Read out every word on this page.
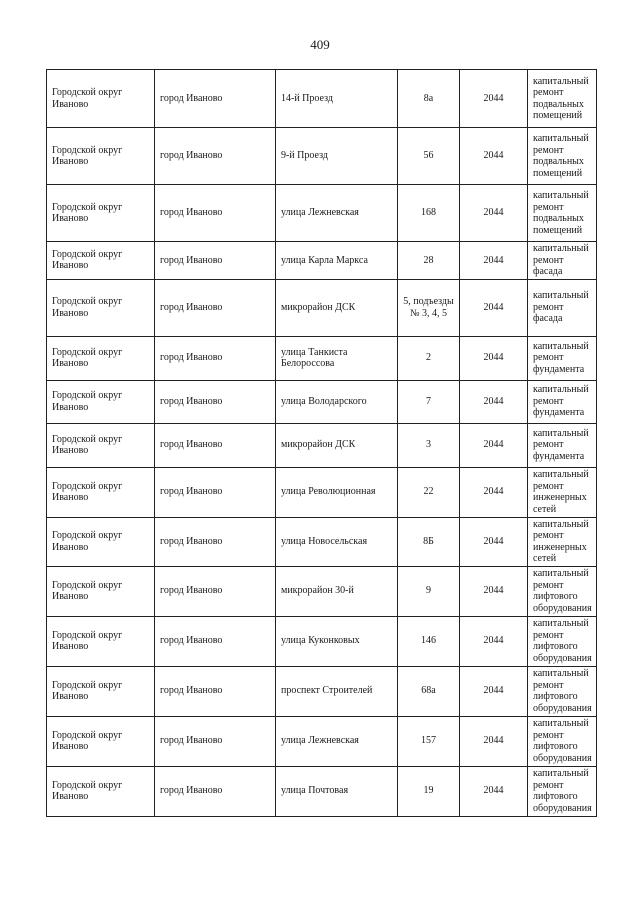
409
Городской округ Иваново	город Иваново	14-й Проезд	8а	2044	капитальный ремонт подвальных помещений
Городской округ Иваново	город Иваново	9-й Проезд	56	2044	капитальный ремонт подвальных помещений
Городской округ Иваново	город Иваново	улица Лежневская	168	2044	капитальный ремонт подвальных помещений
Городской округ Иваново	город Иваново	улица Карла Маркса	28	2044	капитальный ремонт фасада
Городской округ Иваново	город Иваново	микрорайон ДСК	5, подъезды № 3, 4, 5	2044	капитальный ремонт фасада
Городской округ Иваново	город Иваново	улица Танкиста Белороссова	2	2044	капитальный ремонт фундамента
Городской округ Иваново	город Иваново	улица Володарского	7	2044	капитальный ремонт фундамента
Городской округ Иваново	город Иваново	микрорайон ДСК	3	2044	капитальный ремонт фундамента
Городской округ Иваново	город Иваново	улица Революционная	22	2044	капитальный ремонт инженерных сетей
Городской округ Иваново	город Иваново	улица Новосельская	8Б	2044	капитальный ремонт инженерных сетей
Городской округ Иваново	город Иваново	микрорайон 30-й	9	2044	капитальный ремонт лифтового оборудования
Городской округ Иваново	город Иваново	улица Куконковых	146	2044	капитальный ремонт лифтового оборудования
Городской округ Иваново	город Иваново	проспект Строителей	68а	2044	капитальный ремонт лифтового оборудования
Городской округ Иваново	город Иваново	улица Лежневская	157	2044	капитальный ремонт лифтового оборудования
Городской округ Иваново	город Иваново	улица Почтовая	19	2044	капитальный ремонт лифтового оборудования
